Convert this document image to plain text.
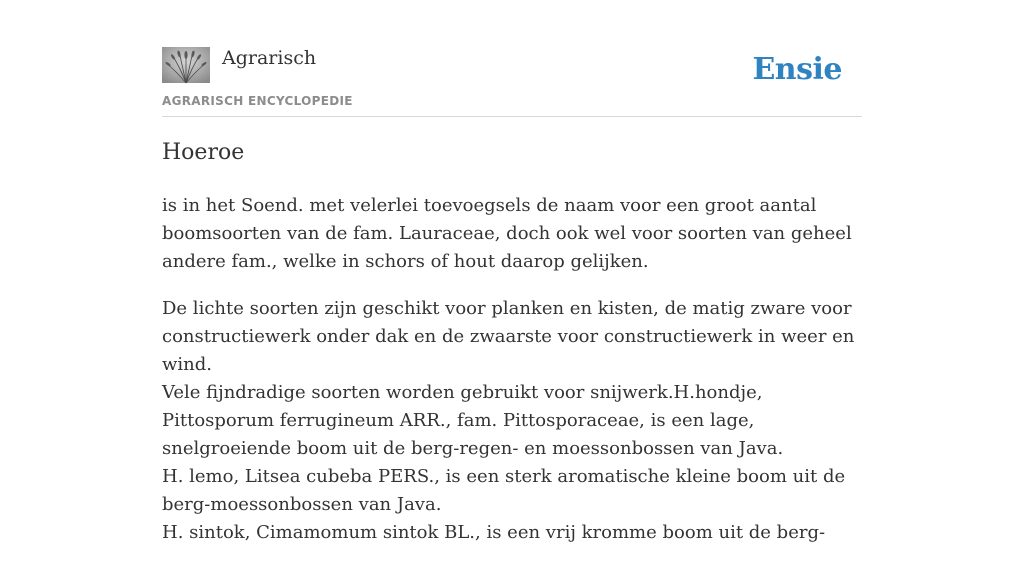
Agrarisch
AGRARISCH ENCYCLOPEDIE
Ensie
Hoeroe

is in het Soend. met velerlei toevoegsels de naam voor een groot aantal boomsoorten van de fam. Lauraceae, doch ook wel voor soorten van geheel andere fam., welke in schors of hout daarop gelijken.

De lichte soorten zijn geschikt voor planken en kisten, de matig zware voor constructiewerk onder dak en de zwaarste voor constructiewerk in weer en wind.
Vele fijndradige soorten worden gebruikt voor snijwerk.H.hondje, Pittosporum ferrugineum ARR., fam. Pittosporaceae, is een lage, snelgroeiende boom uit de berg-regen- en moessonbossen van Java.
H. lemo, Litsea cubeba PERS., is een sterk aromatische kleine boom uit de berg-moessonbossen van Java.
H. sintok, Cimamomum sintok BL., is een vrij kromme boom uit de berg-
